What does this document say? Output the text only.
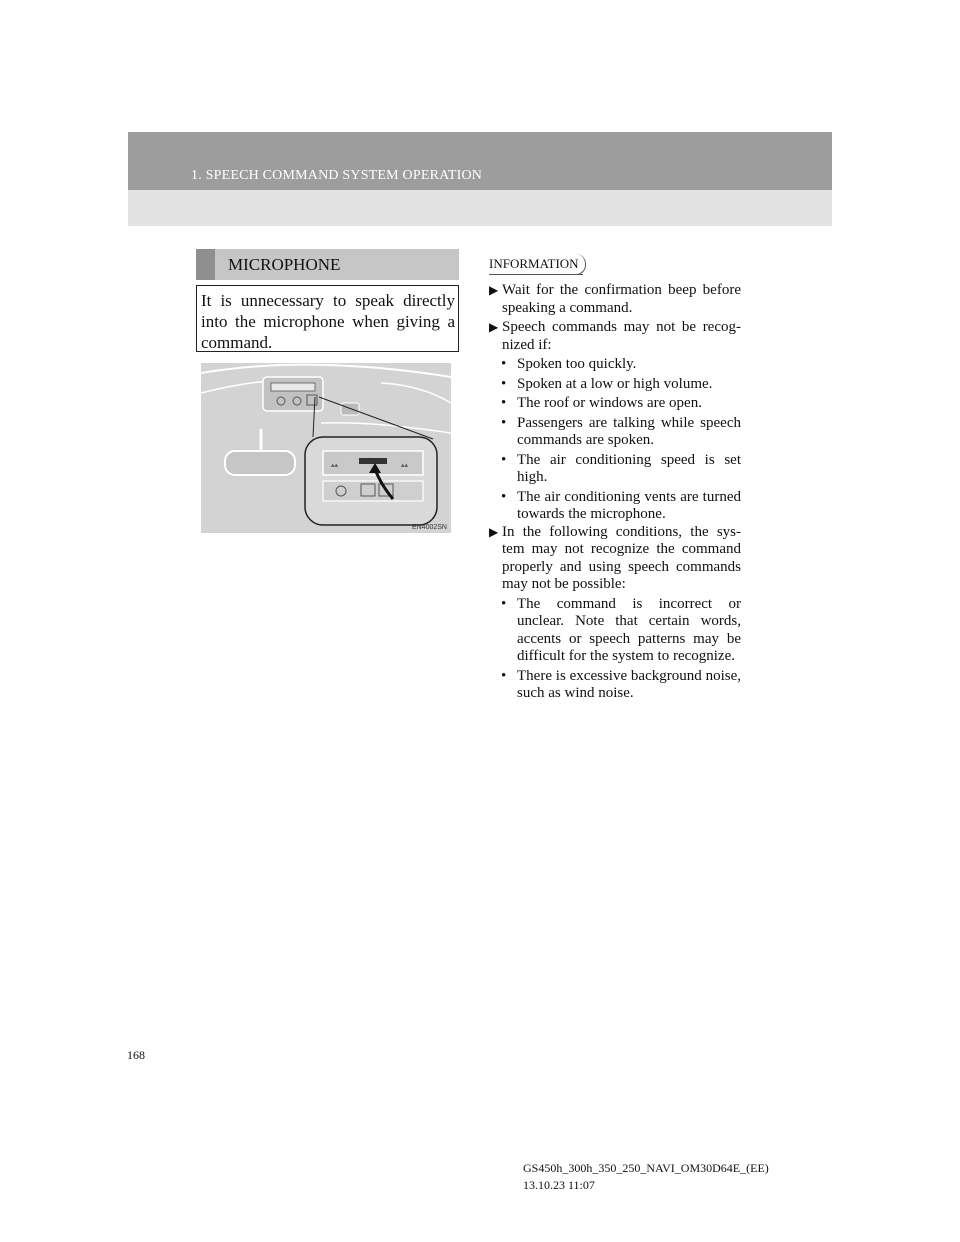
1. SPEECH COMMAND SYSTEM OPERATION
MICROPHONE
It is unnecessary to speak directly into the microphone when giving a command.
▴▴	▴▴
EN4002SN
INFORMATION
▶ Wait for the confirmation beep before speaking a command.
▶ Speech commands may not be recog-nized if:
• Spoken too quickly.
• Spoken at a low or high volume.
• The roof or windows are open.
• Passengers are talking while speech commands are spoken.
• The air conditioning speed is set high.
• The air conditioning vents are turned towards the microphone.
▶ In the following conditions, the sys-tem may not recognize the command properly and using speech commands may not be possible:
• The command is incorrect or unclear. Note that certain words, accents or speech patterns may be difficult for the system to recognize.
• There is excessive background noise, such as wind noise.
168
GS450h_300h_350_250_NAVI_OM30D64E_(EE)
13.10.23 11:07
